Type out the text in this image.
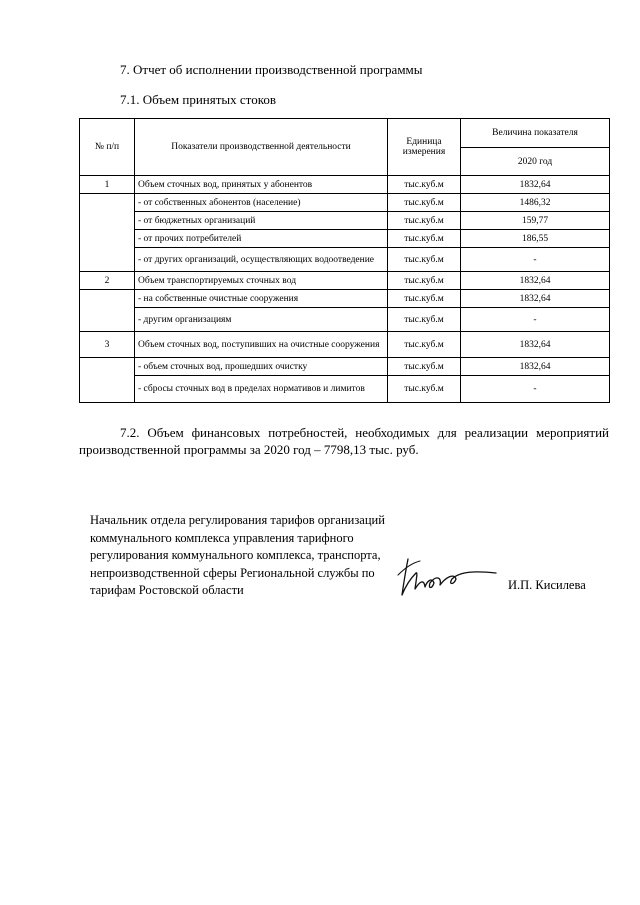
7. Отчет об исполнении производственной программы
7.1. Объем принятых стоков
№ п/п	Показатели производственной деятельности	Единица измерения	Величина показателя
			2020 год
1	Объем сточных вод, принятых у абонентов	тыс.куб.м	1832,64
	- от собственных абонентов (население)	тыс.куб.м	1486,32
	- от бюджетных организаций	тыс.куб.м	159,77
	- от прочих потребителей	тыс.куб.м	186,55
	- от других организаций, осуществляющих водоотведение	тыс.куб.м	-
2	Объем транспортируемых сточных вод	тыс.куб.м	1832,64
	- на собственные очистные сооружения	тыс.куб.м	1832,64
	- другим организациям	тыс.куб.м	-
3	Объем сточных вод, поступивших на очистные сооружения	тыс.куб.м	1832,64
	- объем сточных вод, прошедших очистку	тыс.куб.м	1832,64
	- сбросы сточных вод в пределах нормативов и лимитов	тыс.куб.м	-
7.2. Объем финансовых потребностей, необходимых для реализации мероприятий производственной программы за 2020 год – 7798,13 тыс. руб.
Начальник отдела регулирования тарифов организаций коммунального комплекса управления тарифного регулирования коммунального комплекса, транспорта, непроизводственной сферы Региональной службы по тарифам Ростовской области	И.П. Кисилева
